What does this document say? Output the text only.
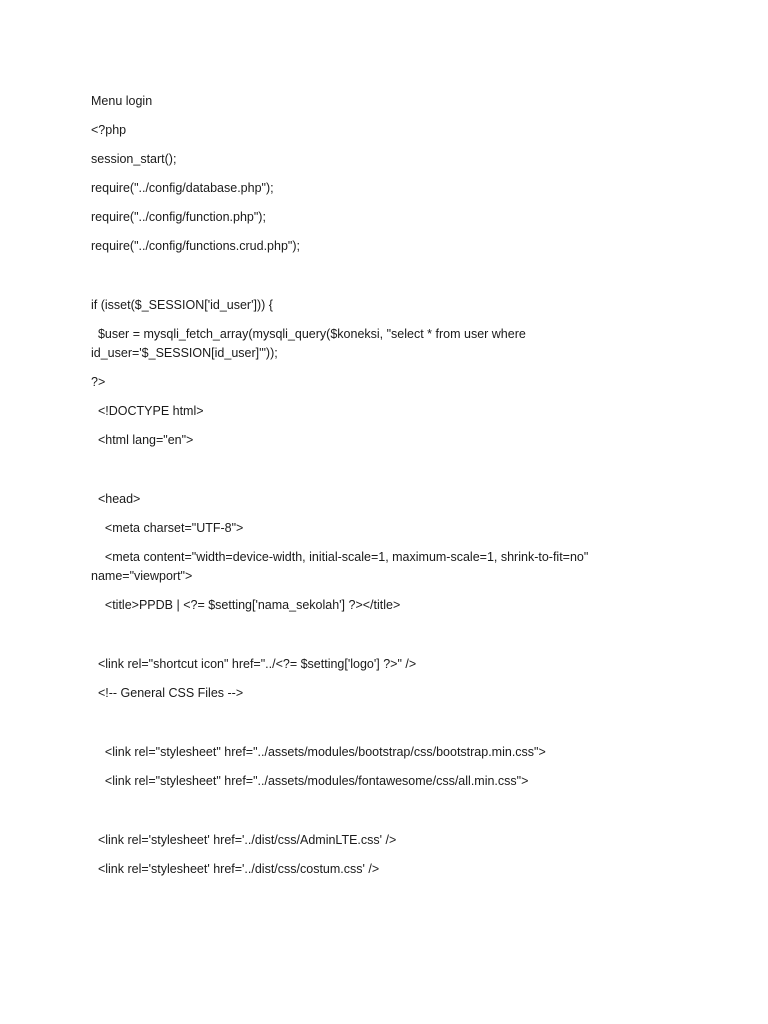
Menu login
<?php
session_start();
require("../config/database.php");
require("../config/function.php");
require("../config/functions.crud.php");
if (isset($_SESSION['id_user'])) {
$user = mysqli_fetch_array(mysqli_query($koneksi, "select * from user where id_user='$_SESSION[id_user]'"));
?>
<!DOCTYPE html>
<html lang="en">
<head>
<meta charset="UTF-8">
<meta content="width=device-width, initial-scale=1, maximum-scale=1, shrink-to-fit=no" name="viewport">
<title>PPDB | <?= $setting['nama_sekolah'] ?></title>
<link rel="shortcut icon" href="../<?= $setting['logo'] ?>" />
<!-- General CSS Files -->
<link rel="stylesheet" href="../assets/modules/bootstrap/css/bootstrap.min.css">
<link rel="stylesheet" href="../assets/modules/fontawesome/css/all.min.css">
<link rel='stylesheet' href='../dist/css/AdminLTE.css' />
<link rel='stylesheet' href='../dist/css/costum.css' />
